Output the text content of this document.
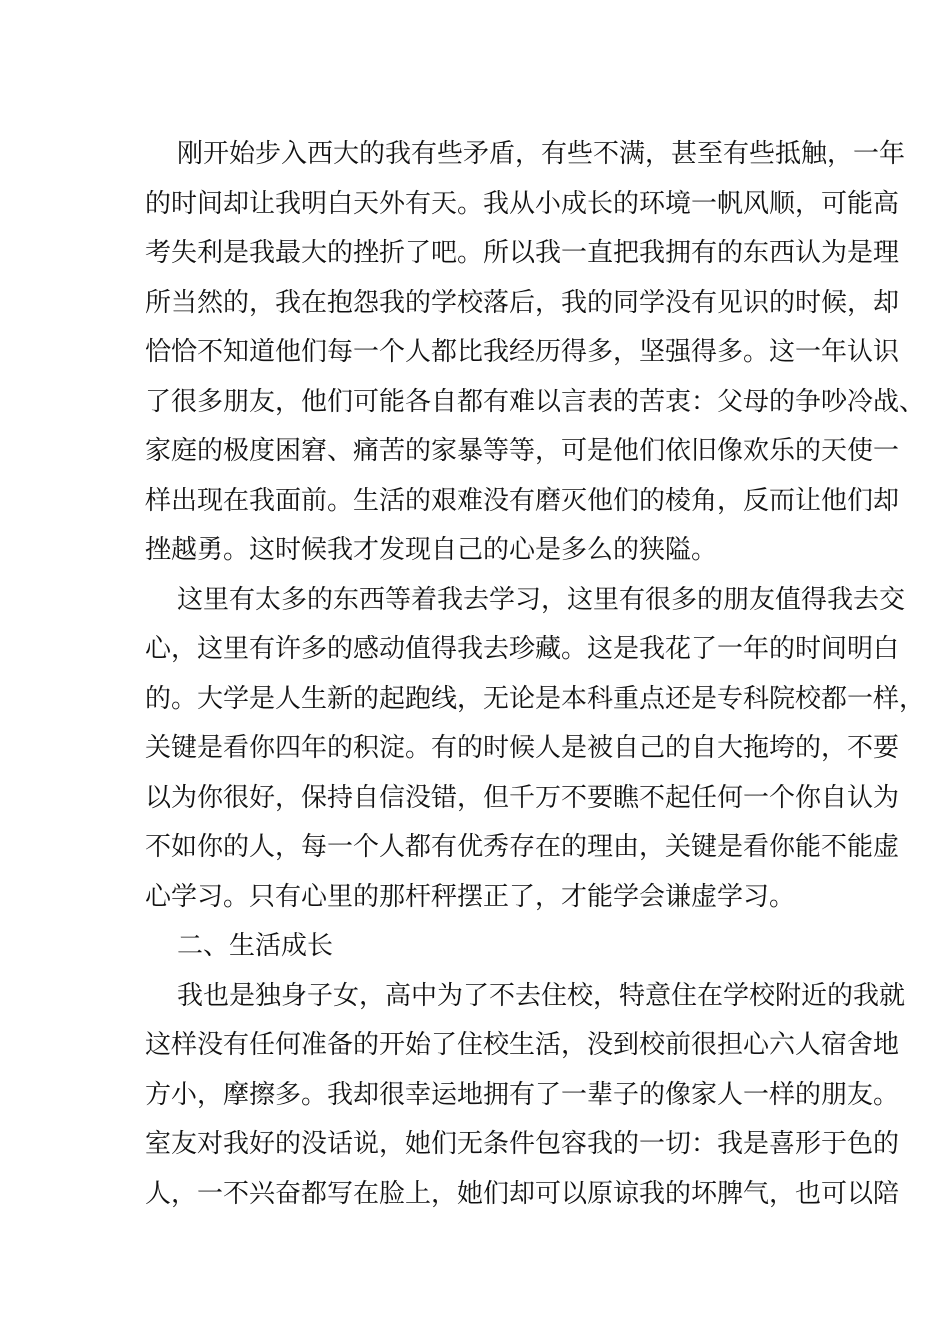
刚开始步入西大的我有些矛盾，有些不满，甚至有些抵触，一年
的时间却让我明白天外有天。我从小成长的环境一帆风顺，可能高
考失利是我最大的挫折了吧。所以我一直把我拥有的东西认为是理
所当然的，我在抱怨我的学校落后，我的同学没有见识的时候，却
恰恰不知道他们每一个人都比我经历得多，坚强得多。这一年认识
了很多朋友，他们可能各自都有难以言表的苦衷：父母的争吵冷战、
家庭的极度困窘、痛苦的家暴等等，可是他们依旧像欢乐的天使一
样出现在我面前。生活的艰难没有磨灭他们的棱角，反而让他们却
挫越勇。这时候我才发现自己的心是多么的狭隘。
这里有太多的东西等着我去学习，这里有很多的朋友值得我去交
心，这里有许多的感动值得我去珍藏。这是我花了一年的时间明白
的。大学是人生新的起跑线，无论是本科重点还是专科院校都一样，
关键是看你四年的积淀。有的时候人是被自己的自大拖垮的，不要
以为你很好，保持自信没错，但千万不要瞧不起任何一个你自认为
不如你的人，每一个人都有优秀存在的理由，关键是看你能不能虚
心学习。只有心里的那杆秤摆正了，才能学会谦虚学习。
二、生活成长
我也是独身子女，高中为了不去住校，特意住在学校附近的我就
这样没有任何准备的开始了住校生活，没到校前很担心六人宿舍地
方小，摩擦多。我却很幸运地拥有了一辈子的像家人一样的朋友。
室友对我好的没话说，她们无条件包容我的一切：我是喜形于色的
人，一不兴奋都写在脸上，她们却可以原谅我的坏脾气，也可以陪
